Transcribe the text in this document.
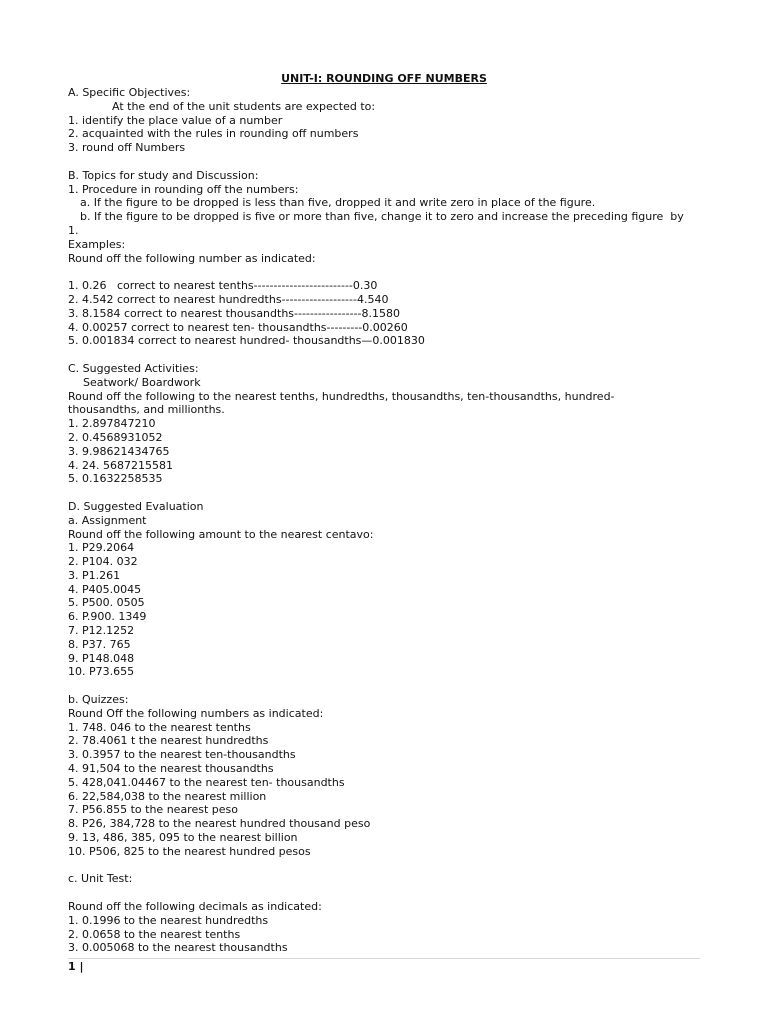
UNIT-I: ROUNDING OFF NUMBERS
A. Specific Objectives:
At the end of the unit students are expected to:
1. identify the place value of a number
2. acquainted with the rules in rounding off numbers
3. round off Numbers
B. Topics for study and Discussion:
1. Procedure in rounding off the numbers:
a. If the figure to be dropped is less than five, dropped it and write zero in place of the figure.
b. If the figure to be dropped is five or more than five, change it to zero and increase the preceding figure  by
1.
Examples:
Round off the following number as indicated:
1. 0.26   correct to nearest tenths-------------------------0.30
2. 4.542 correct to nearest hundredths-------------------4.540
3. 8.1584 correct to nearest thousandths-----------------8.1580
4. 0.00257 correct to nearest ten- thousandths---------0.00260
5. 0.001834 correct to nearest hundred- thousandths—0.001830
C. Suggested Activities:
Seatwork/ Boardwork
Round off the following to the nearest tenths, hundredths, thousandths, ten-thousandths, hundred-
thousandths, and millionths.
1. 2.897847210
2. 0.4568931052
3. 9.98621434765
4. 24. 5687215581
5. 0.1632258535
D. Suggested Evaluation
a. Assignment
Round off the following amount to the nearest centavo:
1. P29.2064
2. P104. 032
3. P1.261
4. P405.0045
5. P500. 0505
6. P.900. 1349
7. P12.1252
8. P37. 765
9. P148.048
10. P73.655
b. Quizzes:
Round Off the following numbers as indicated:
1. 748. 046 to the nearest tenths
2. 78.4061 t the nearest hundredths
3. 0.3957 to the nearest ten-thousandths
4. 91,504 to the nearest thousandths
5. 428,041.04467 to the nearest ten- thousandths
6. 22,584,038 to the nearest million
7. P56.855 to the nearest peso
8. P26, 384,728 to the nearest hundred thousand peso
9. 13, 486, 385, 095 to the nearest billion
10. P506, 825 to the nearest hundred pesos
c. Unit Test:
Round off the following decimals as indicated:
1. 0.1996 to the nearest hundredths
2. 0.0658 to the nearest tenths
3. 0.005068 to the nearest thousandths
1 |
